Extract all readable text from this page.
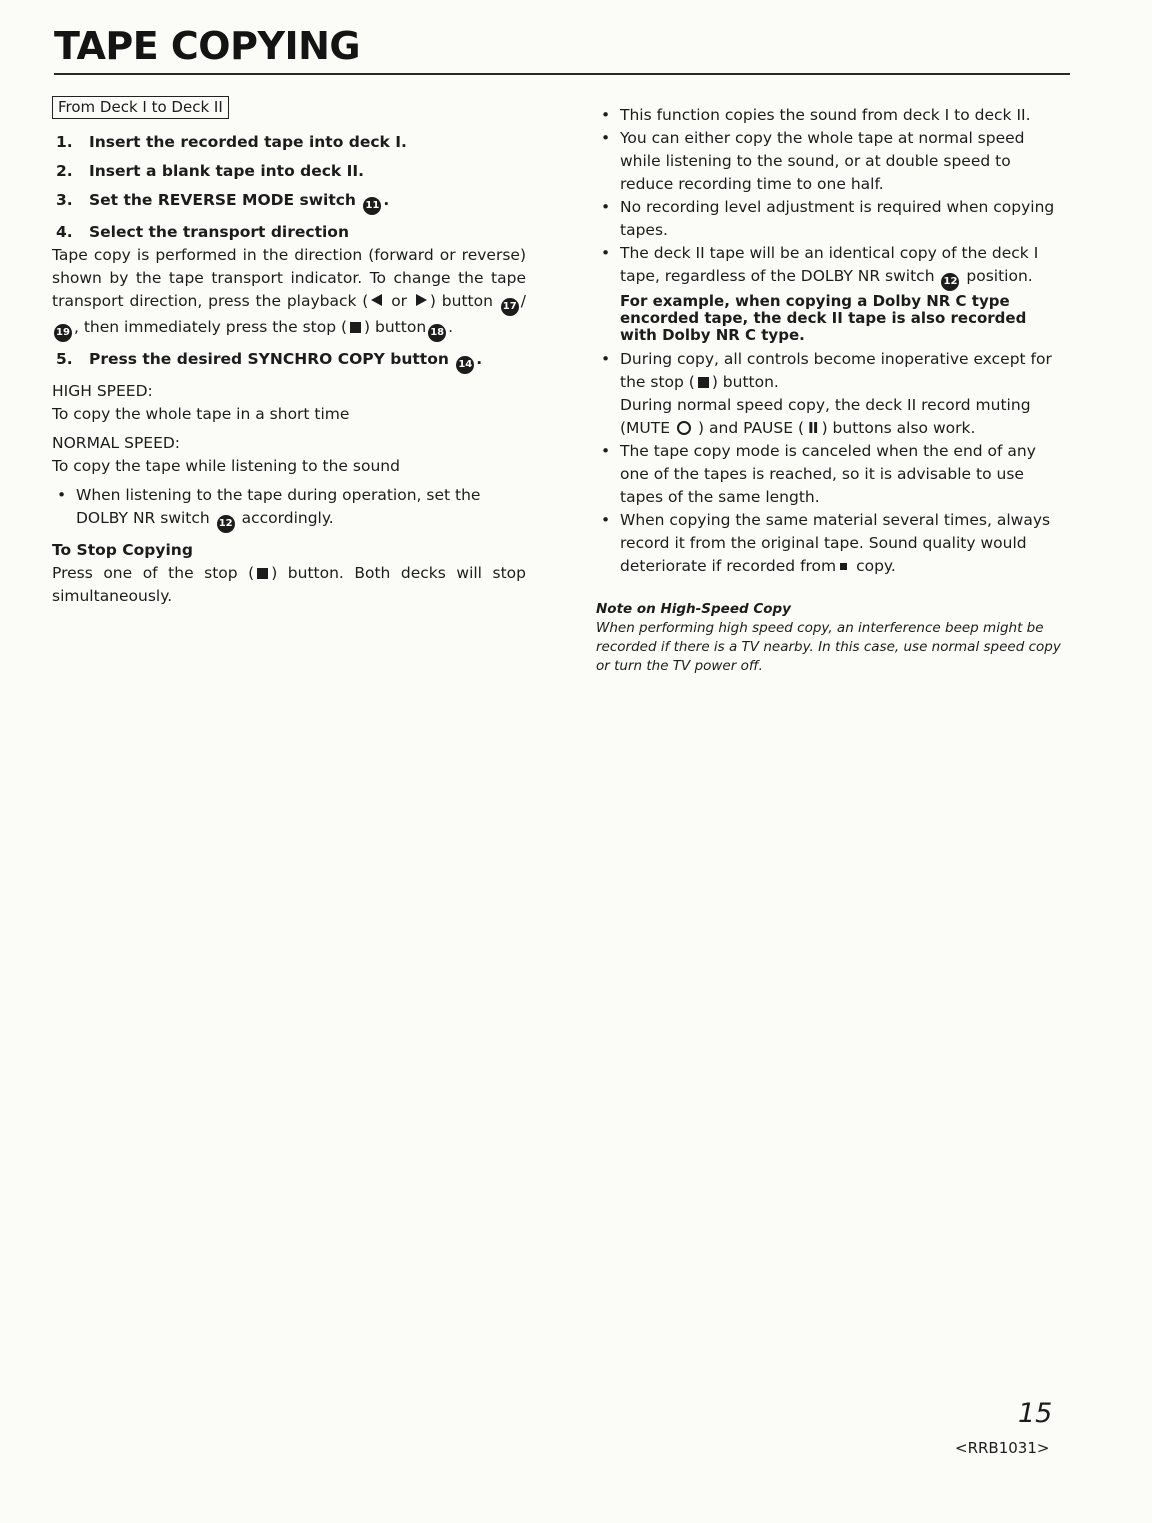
TAPE COPYING
From Deck I to Deck II
1. Insert the recorded tape into deck I.
2. Insert a blank tape into deck II.
3. Set the REVERSE MODE switch 11 .
4. Select the transport direction

Tape copy is performed in the direction (forward or reverse) shown by the tape transport indicator. To change the tape transport direction, press the playback ( or ) button 17 /19 , then immediately press the stop ( ) button 18 .

5. Press the desired SYNCHRO COPY button 14 .
HIGH SPEED:
To copy the whole tape in a short time
NORMAL SPEED:
To copy the tape while listening to the sound
• When listening to the tape during operation, set the DOLBY NR switch 12 accordingly.
To Stop Copying

Press one of the stop ( ) button. Both decks will stop simultaneously.

• This function copies the sound from deck I to deck II.
• You can either copy the whole tape at normal speed while listening to the sound, or at double speed to reduce recording time to one half.
• No recording level adjustment is required when copying tapes.
• The deck II tape will be an identical copy of the deck I tape, regardless of the DOLBY NR switch 12 position.
For example, when copying a Dolby NR C type encorded tape, the deck II tape is also recorded with Dolby NR C type.
• During copy, all controls become inoperative except for the stop ( ) button.
During normal speed copy, the deck II record muting (MUTE ) and PAUSE ( II ) buttons also work.
• The tape copy mode is canceled when the end of any one of the tapes is reached, so it is advisable to use tapes of the same length.
• When copying the same material several times, always record it from the original tape. Sound quality would deteriorate if recorded from copy.
Note on High-Speed Copy
When performing high speed copy, an interference beep might be recorded if there is a TV nearby. In this case, use normal speed copy or turn the TV power off.
15
<RRB1031>
